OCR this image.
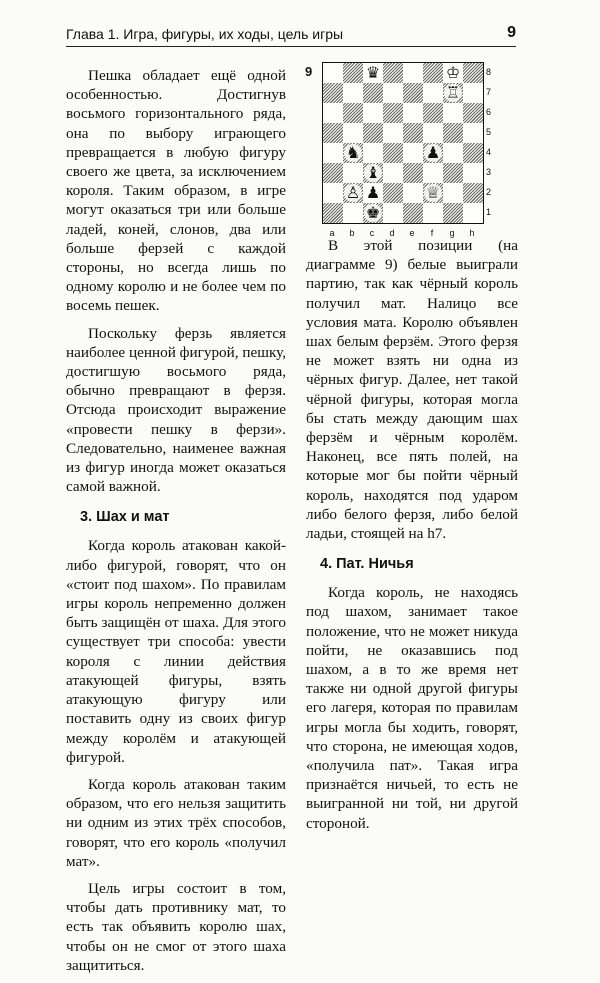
Глава 1. Игра, фигуры, их ходы, цель игры	9

Пешка обладает ещё одной особенностью. Достигнув восьмого горизонтального ряда, она по выбору играющего превращается в любую фигуру своего же цвета, за исключением короля. Таким образом, в игре могут оказаться три или больше ладей, коней, слонов, два или больше ферзей с каждой стороны, но всегда лишь по одному королю и не более чем по восемь пешек.

Поскольку ферзь является наиболее ценной фигурой, пешку, достигшую восьмого ряда, обычно превращают в ферзя. Отсюда происходит выражение «провести пешку в ферзи». Следовательно, наименее важная из фигур иногда может оказаться самой важной.

3. Шах и мат

Когда король атакован какой-либо фигурой, говорят, что он «стоит под шахом». По правилам игры король непременно должен быть защищён от шаха. Для этого существует три способа: увести короля с линии действия атакующей фигуры, взять атакующую фигуру или поставить одну из своих фигур между королём и атакующей фигурой.

Когда король атакован таким образом, что его нельзя защитить ни одним из этих трёх способов, говорят, что его король «получил мат».

Цель игры состоит в том, чтобы дать противнику мат, то есть так объявить королю шах, чтобы он не смог от этого шаха защититься.

9	♛	♔
♖
♞	♟
♝
♙ ♟	♕
♚
8
7
6
5
4
3
2
1
a	b	c	d	e	f	g	h

В этой позиции (на диаграмме 9) белые выиграли партию, так как чёрный король получил мат. Налицо все условия мата. Королю объявлен шах белым ферзём. Этого ферзя не может взять ни одна из чёрных фигур. Далее, нет такой чёрной фигуры, которая могла бы стать между дающим шах ферзём и чёрным королём. Наконец, все пять полей, на которые мог бы пойти чёрный король, находятся под ударом либо белого ферзя, либо белой ладьи, стоящей на h7.

4. Пат. Ничья

Когда король, не находясь под шахом, занимает такое положение, что не может никуда пойти, не оказавшись под шахом, а в то же время нет также ни одной другой фигуры его лагеря, которая по правилам игры могла бы ходить, говорят, что сторона, не имеющая ходов, «получила пат». Такая игра признаётся ничьей, то есть не выигранной ни той, ни другой стороной.
